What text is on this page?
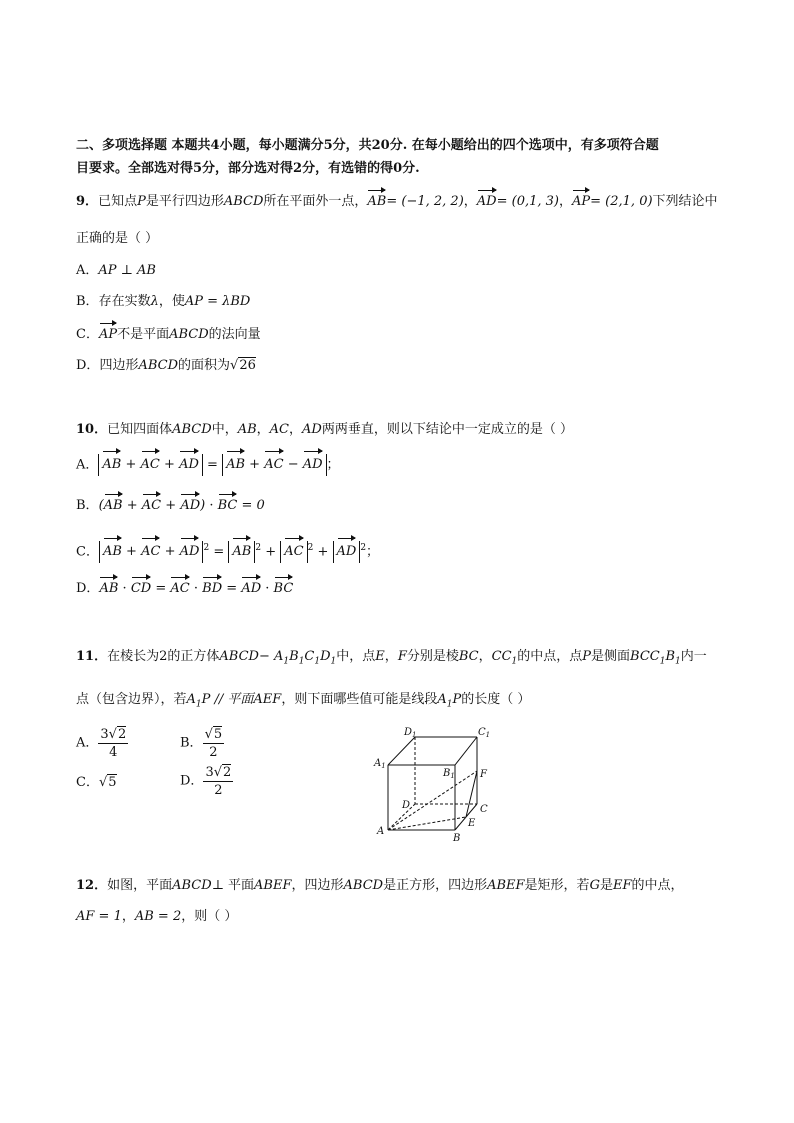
二、多项选择题 本题共4小题，每小题满分5分，共20分. 在每小题给出的四个选项中，有多项符合题
目要求。全部选对得5分，部分选对得2分，有选错的得0分.
9．已知点P是平行四边形ABCD所在平面外一点，AB= (−1, 2, 2)，AD= (0,1, 3)，AP= (2,1, 0)下列结论中
正确的是（ ）
A．AP ⊥ AB
B．存在实数λ，使AP = λBD
C．AP不是平面ABCD的法向量
D．四边形ABCD的面积为√26
10．已知四面体ABCD中，AB，AC，AD两两垂直，则以下结论中一定成立的是（ ）
A． AB + AC + AD = AB + AC − AD ；
B．(AB + AC + AD) · BC = 0
C． AB + AC + AD $^2$ = AB $^2$ + AC $^2$ + AD $^2$；
D．AB · CD = AC · BD = AD · BC
11．在棱长为2的正方体ABCD− $A_1B_1C_1D_1$中，点E，F分别是棱BC，$CC_1$的中点，点P是侧面$BCC_1B_1$内一
点（包含边界），若$A_1P$ // 平面AEF，则下面哪些值可能是线段$A_1P$的长度（ ）
A． $\frac{3√2}{4}$	B． $\frac{√5}{2}$
C．√5	D． $\frac{3√2}{2}$
$D_1$	$C_1$
$A_1$
$B_1$	F
D	C
A
E
B
12．如图，平面ABCD⊥ 平面ABEF，四边形ABCD是正方形，四边形ABEF是矩形，若G是EF的中点，
AF = 1，AB = 2，则（ ）
